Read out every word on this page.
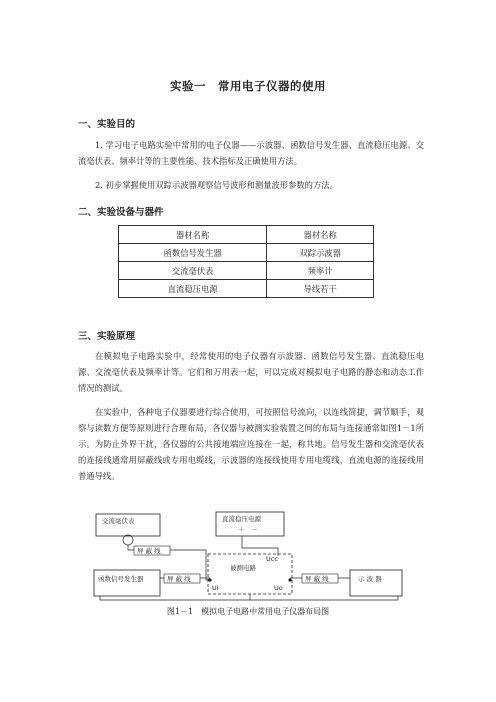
实验一　常用电子仪器的使用
一、实验目的
1. 学习电子电路实验中常用的电子仪器——示波器、函数信号发生器、直流稳压电源、交流毫伏表、频率计等的主要性能、技术指标及正确使用方法。
2. 初步掌握使用双踪示波器观察信号波形和测量波形参数的方法。
二、实验设备与器件
器材名称	器材名称
函数信号发生器	双踪示波器
交流毫伏表	频率计
直流稳压电源	导线若干
三、实验原理
在模拟电子电路实验中，经常使用的电子仪器有示波器、函数信号发生器、直流稳压电源、交流毫伏表及频率计等。它们和万用表一起，可以完成对模拟电子电路的静态和动态工作情况的测试。
在实验中，各种电子仪器要进行综合使用，可按照信号流向，以连线简捷，调节顺手，观察与读数方便等原则进行合理布局，各仪器与被测实验装置之间的布局与连接通常如图1－1所示。为防止外界干扰，各仪器的公共接地端应连接在一起，称共地。信号发生器和交流毫伏表的连接线通常用屏蔽线或专用电缆线，示波器的连接线使用专用电缆线，直流电源的连接线用普通导线。
交流毫伏表	直流稳压电源
＋　－
函数信号发生器	示 波 器
被测电路
Ui	Uo
Ucc
屏 蔽 线
屏 蔽 线	屏 蔽 线
图1－1　模拟电子电路中常用电子仪器布局图
